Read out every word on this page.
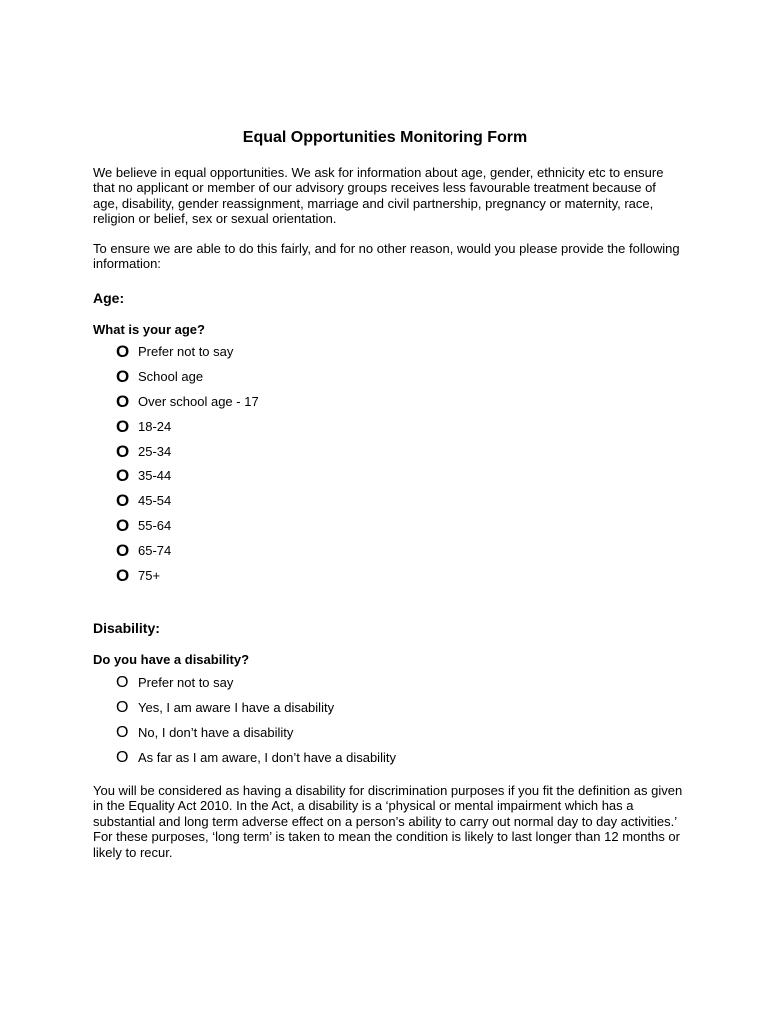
Equal Opportunities Monitoring Form
We believe in equal opportunities. We ask for information about age, gender, ethnicity etc to ensure that no applicant or member of our advisory groups receives less favourable treatment because of age, disability, gender reassignment, marriage and civil partnership, pregnancy or maternity, race, religion or belief, sex or sexual orientation.
To ensure we are able to do this fairly, and for no other reason, would you please provide the following information:
Age:
What is your age?
O Prefer not to say
O School age
O Over school age - 17
O 18-24
O 25-34
O 35-44
O 45-54
O 55-64
O 65-74
O 75+
Disability:
Do you have a disability?
O Prefer not to say
O Yes, I am aware I have a disability
O No, I don’t have a disability
O As far as I am aware, I don’t have a disability
You will be considered as having a disability for discrimination purposes if you fit the definition as given in the Equality Act 2010. In the Act, a disability is a ‘physical or mental impairment which has a substantial and long term adverse effect on a person’s ability to carry out normal day to day activities.’ For these purposes, ‘long term’ is taken to mean the condition is likely to last longer than 12 months or likely to recur.
